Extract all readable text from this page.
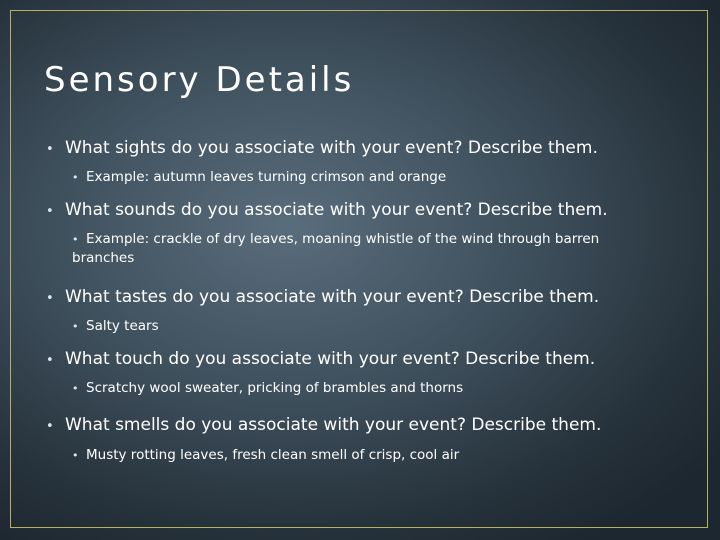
Sensory Details
• What sights do you associate with your event? Describe them.
• Example: autumn leaves turning crimson and orange
• What sounds do you associate with your event? Describe them.
• Example: crackle of dry leaves, moaning whistle of the wind through barren branches
• What tastes do you associate with your event? Describe them.
• Salty tears
• What touch do you associate with your event? Describe them.
• Scratchy wool sweater, pricking of brambles and thorns
• What smells do you associate with your event? Describe them.
• Musty rotting leaves, fresh clean smell of crisp, cool air
